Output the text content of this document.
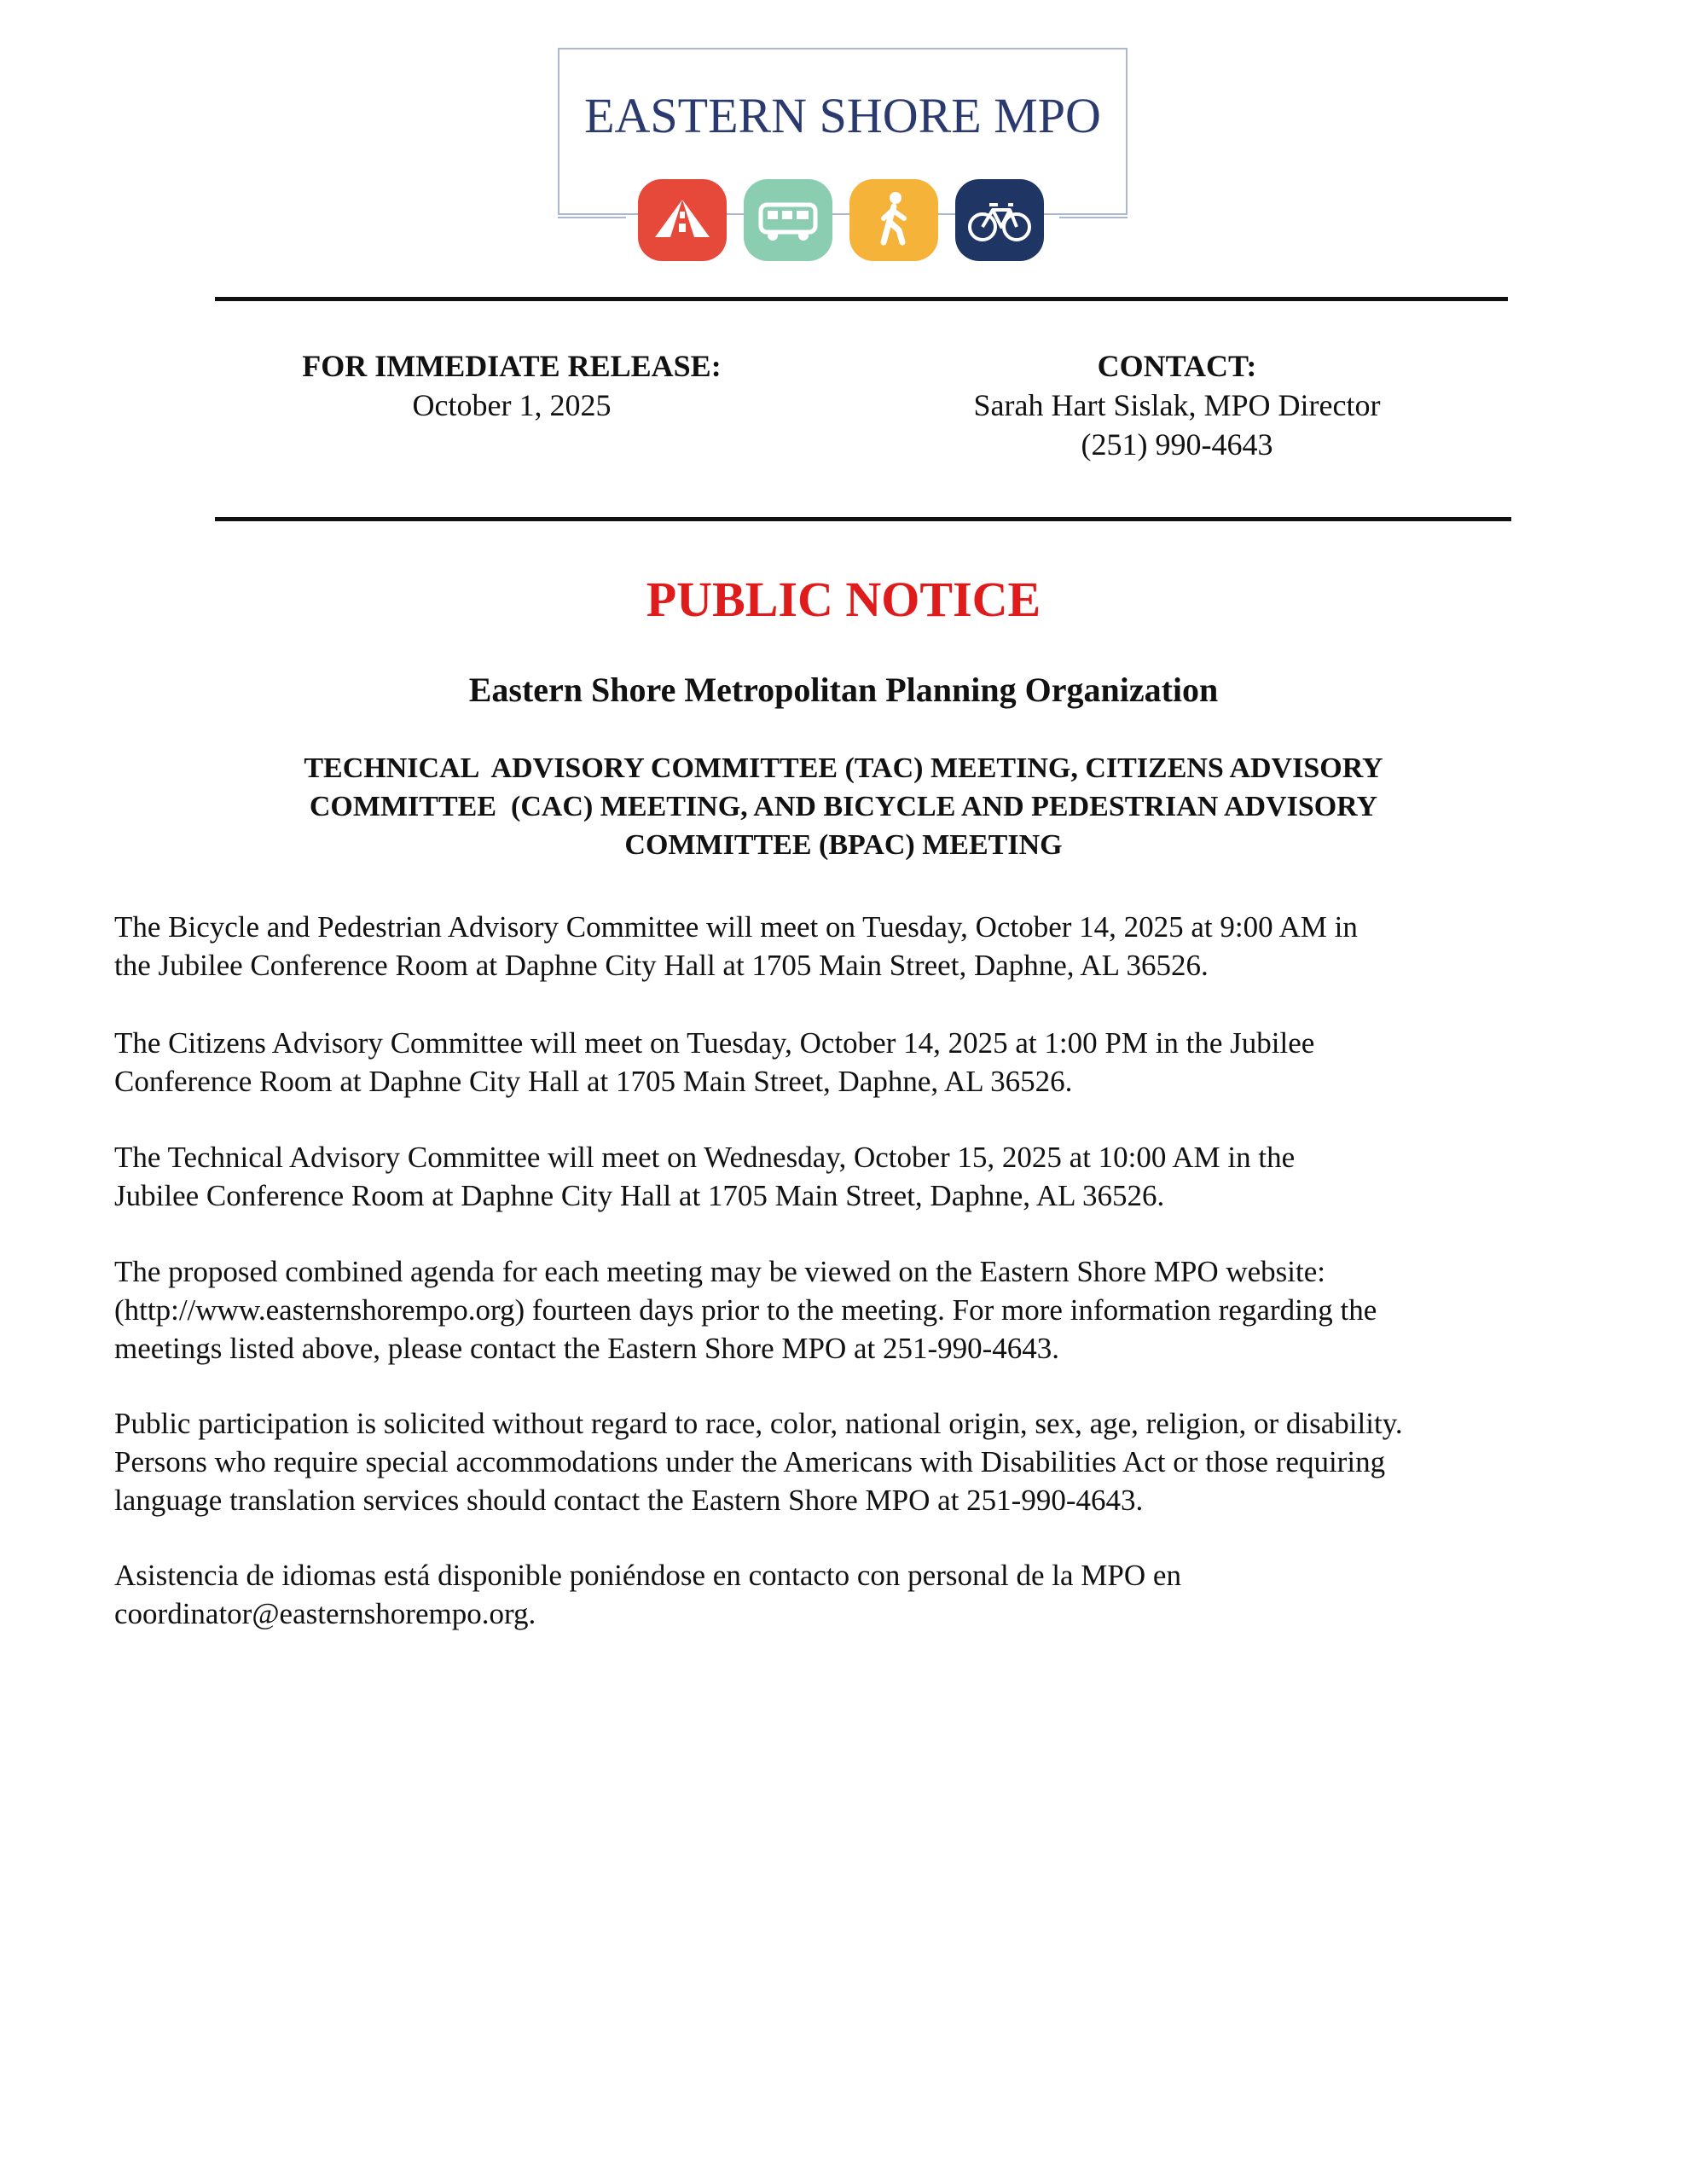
EASTERN SHORE MPO
FOR IMMEDIATE RELEASE:
October 1, 2025
CONTACT:
Sarah Hart Sislak, MPO Director
(251) 990-4643
PUBLIC NOTICE
Eastern Shore Metropolitan Planning Organization
TECHNICAL  ADVISORY COMMITTEE (TAC) MEETING, CITIZENS ADVISORY
COMMITTEE  (CAC) MEETING, AND BICYCLE AND PEDESTRIAN ADVISORY
COMMITTEE (BPAC) MEETING
The Bicycle and Pedestrian Advisory Committee will meet on Tuesday, October 14, 2025 at 9:00 AM in
the Jubilee Conference Room at Daphne City Hall at 1705 Main Street, Daphne, AL 36526.
The Citizens Advisory Committee will meet on Tuesday, October 14, 2025 at 1:00 PM in the Jubilee
Conference Room at Daphne City Hall at 1705 Main Street, Daphne, AL 36526.
The Technical Advisory Committee will meet on Wednesday, October 15, 2025 at 10:00 AM in the
Jubilee Conference Room at Daphne City Hall at 1705 Main Street, Daphne, AL 36526.
The proposed combined agenda for each meeting may be viewed on the Eastern Shore MPO website:
(http://www.easternshorempo.org) fourteen days prior to the meeting. For more information regarding the
meetings listed above, please contact the Eastern Shore MPO at 251-990-4643.
Public participation is solicited without regard to race, color, national origin, sex, age, religion, or disability.
Persons who require special accommodations under the Americans with Disabilities Act or those requiring
language translation services should contact the Eastern Shore MPO at 251-990-4643.
Asistencia de idiomas está disponible poniéndose en contacto con personal de la MPO en
coordinator@easternshorempo.org.
